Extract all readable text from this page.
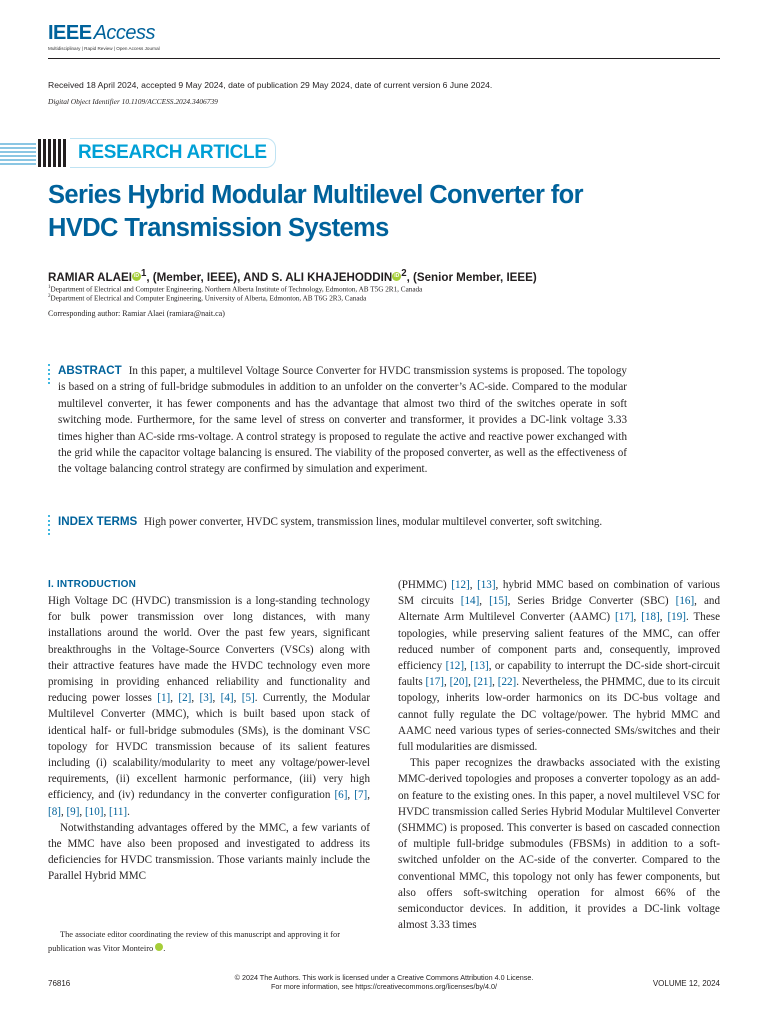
IEEE Access
Multidisciplinary | Rapid Review | Open Access Journal
Received 18 April 2024, accepted 9 May 2024, date of publication 29 May 2024, date of current version 6 June 2024.
Digital Object Identifier 10.1109/ACCESS.2024.3406739
RESEARCH ARTICLE
Series Hybrid Modular Multilevel Converter for
HVDC Transmission Systems
RAMIAR ALAEI iD $^1$, (Member, IEEE), AND S. ALI KHAJEHODDIN iD $^2$, (Senior Member, IEEE)
$^1$Department of Electrical and Computer Engineering, Northern Alberta Institute of Technology, Edmonton, AB T5G 2R1, Canada
$^2$Department of Electrical and Computer Engineering, University of Alberta, Edmonton, AB T6G 2R3, Canada
Corresponding author: Ramiar Alaei (ramiara@nait.ca)
ABSTRACT In this paper, a multilevel Voltage Source Converter for HVDC transmission systems is proposed. The topology is based on a string of full-bridge submodules in addition to an unfolder on the converter’s AC-side. Compared to the modular multilevel converter, it has fewer components and has the advantage that almost two third of the switches operate in soft switching mode. Furthermore, for the same level of stress on converter and transformer, it provides a DC-link voltage 3.33 times higher than AC-side rms-voltage. A control strategy is proposed to regulate the active and reactive power exchanged with the grid while the capacitor voltage balancing is ensured. The viability of the proposed converter, as well as the effectiveness of the voltage balancing control strategy are confirmed by simulation and experiment.
INDEX TERMS High power converter, HVDC system, transmission lines, modular multilevel converter, soft switching.
I. INTRODUCTION

High Voltage DC (HVDC) transmission is a long-standing technology for bulk power transmission over long distances, with many installations around the world. Over the past few years, significant breakthroughs in the Voltage-Source Converters (VSCs) along with their attractive features have made the HVDC technology even more promising in providing enhanced reliability and functionality and reducing power losses [1], [2], [3], [4], [5]. Currently, the Modular Multilevel Converter (MMC), which is built based upon stack of identical half- or full-bridge submodules (SMs), is the dominant VSC topology for HVDC transmission because of its salient features including (i) scalability/modularity to meet any voltage/power-level requirements, (ii) excellent harmonic performance, (iii) very high efficiency, and (iv) redundancy in the converter configuration [6], [7], [8], [9], [10], [11].

Notwithstanding advantages offered by the MMC, a few variants of the MMC have also been proposed and investigated to address its deficiencies for HVDC transmission. Those variants mainly include the Parallel Hybrid MMC

The associate editor coordinating the review of this manuscript and approving it for publication was Vitor Monteiro	iD.

(PHMMC) [12], [13], hybrid MMC based on combination of various SM circuits [14], [15], Series Bridge Converter (SBC) [16], and Alternate Arm Multilevel Converter (AAMC) [17], [18], [19]. These topologies, while preserving salient features of the MMC, can offer reduced number of component parts and, consequently, improved efficiency [12], [13], or capability to interrupt the DC-side short-circuit faults [17], [20], [21], [22]. Nevertheless, the PHMMC, due to its circuit topology, inherits low-order harmonics on its DC-bus voltage and cannot fully regulate the DC voltage/power. The hybrid MMC and AAMC need various types of series-connected SMs/switches and their full modularities are dismissed.

This paper recognizes the drawbacks associated with the existing MMC-derived topologies and proposes a converter topology as an add-on feature to the existing ones. In this paper, a novel multilevel VSC for HVDC transmission called Series Hybrid Modular Multilevel Converter (SHMMC) is proposed. This converter is based on cascaded connection of multiple full-bridge submodules (FBSMs) in addition to a soft-switched unfolder on the AC-side of the converter. Compared to the conventional MMC, this topology not only has fewer components, but also offers soft-switching operation for almost 66% of the semiconductor devices. In addition, it provides a DC-link voltage almost 3.33 times

© 2024 The Authors. This work is licensed under a Creative Commons Attribution 4.0 License.
For more information, see https://creativecommons.org/licenses/by/4.0/
76816	VOLUME 12, 2024
